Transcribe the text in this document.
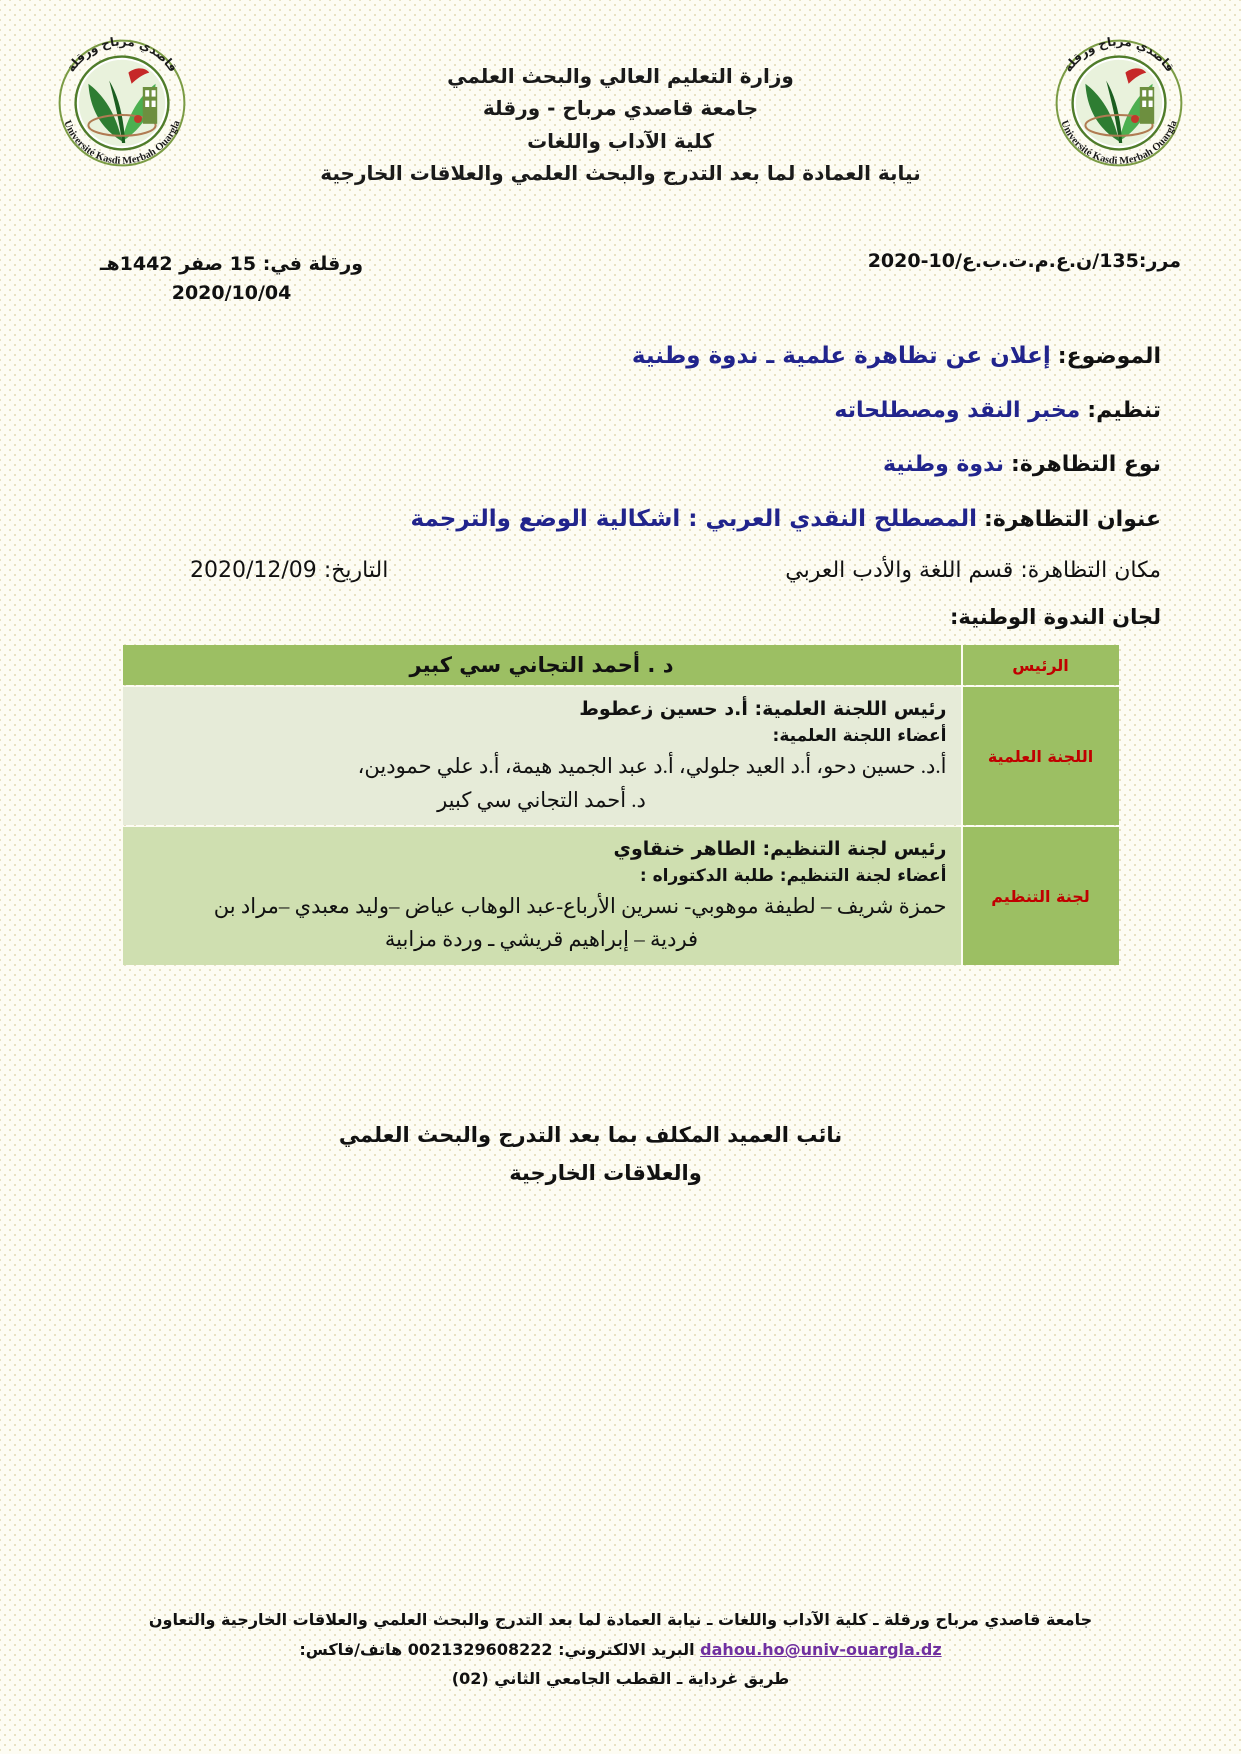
قاصدي مرباح ورقلة
Université Kasdi Merbah Ouargla
قاصدي مرباح ورقلة
Université Kasdi Merbah Ouargla
وزارة التعليم العالي والبحث العلمي
جامعة قاصدي مرباح - ورقلة
كلية الآداب واللغات
نيابة العمادة لما بعد التدرج والبحث العلمي والعلاقات الخارجية
مرر:135/ن.ع.م.ت.ب.ع/10-2020
ورقلة في: 15 صفر 1442هـ
2020/10/04
الموضوع: إعلان عن تظاهرة علمية ـ ندوة وطنية
تنظيم: مخبر النقد ومصطلحاته
نوع التظاهرة: ندوة وطنية
عنوان التظاهرة: المصطلح النقدي العربي : اشكالية الوضع والترجمة
مكان التظاهرة: قسم اللغة والأدب العربي
التاريخ: 2020/12/09
لجان الندوة الوطنية:
الرئيس	د . أحمد التجاني سي كبير
اللجنة العلمية	رئيس اللجنة العلمية: أ.د حسين زعطوط
أعضاء اللجنة العلمية:
أ.د. حسين دحو، أ.د العيد جلولي، أ.د عبد الجميد هيمة، أ.د علي حمودين،
د. أحمد التجاني سي كبير

لجنة التنظيم	رئيس لجنة التنظيم: الطاهر خنقاوي
أعضاء لجنة التنظيم: طلبة الدكتوراه :
حمزة شريف – لطيفة موهوبي- نسرين الأرباع-عبد الوهاب عياض –وليد معبدي –مراد بن
فردية – إبراهيم قريشي ـ وردة مزابية
نائب العميد المكلف بما بعد التدرج والبحث العلمي
والعلاقات الخارجية
جامعة قاصدي مرباح ورقلة ـ كلية الآداب واللغات ـ نيابة العمادة لما بعد التدرج والبحث العلمي والعلاقات الخارجية والتعاون
dahou.ho@univ-ouargla.dz البريد الالكتروني: 0021329608222 هاتف/فاكس:
طريق غرداية ـ القطب الجامعي الثاني (02)
